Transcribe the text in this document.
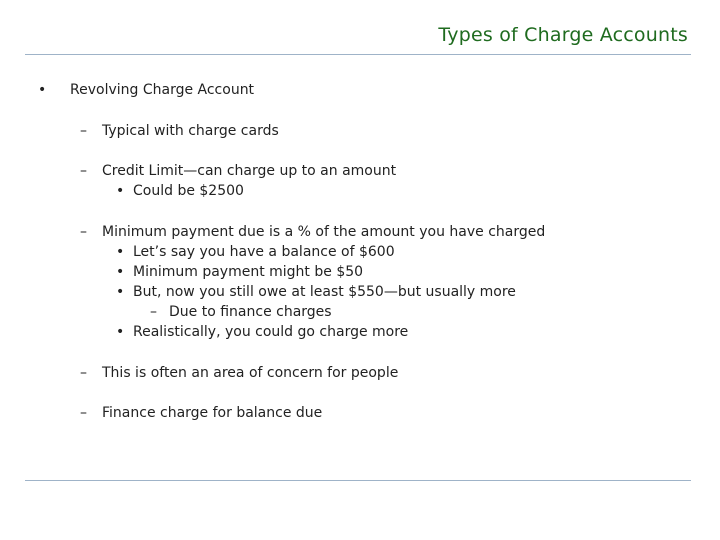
Types of Charge Accounts
• Revolving Charge Account
– Typical with charge cards
– Credit Limit—can charge up to an amount
• Could be $2500
– Minimum payment due is a % of the amount you have charged
• Let’s say you have a balance of $600
• Minimum payment might be $50
• But, now you still owe at least $550—but usually more
– Due to finance charges
• Realistically, you could go charge more
– This is often an area of concern for people
– Finance charge for balance due
